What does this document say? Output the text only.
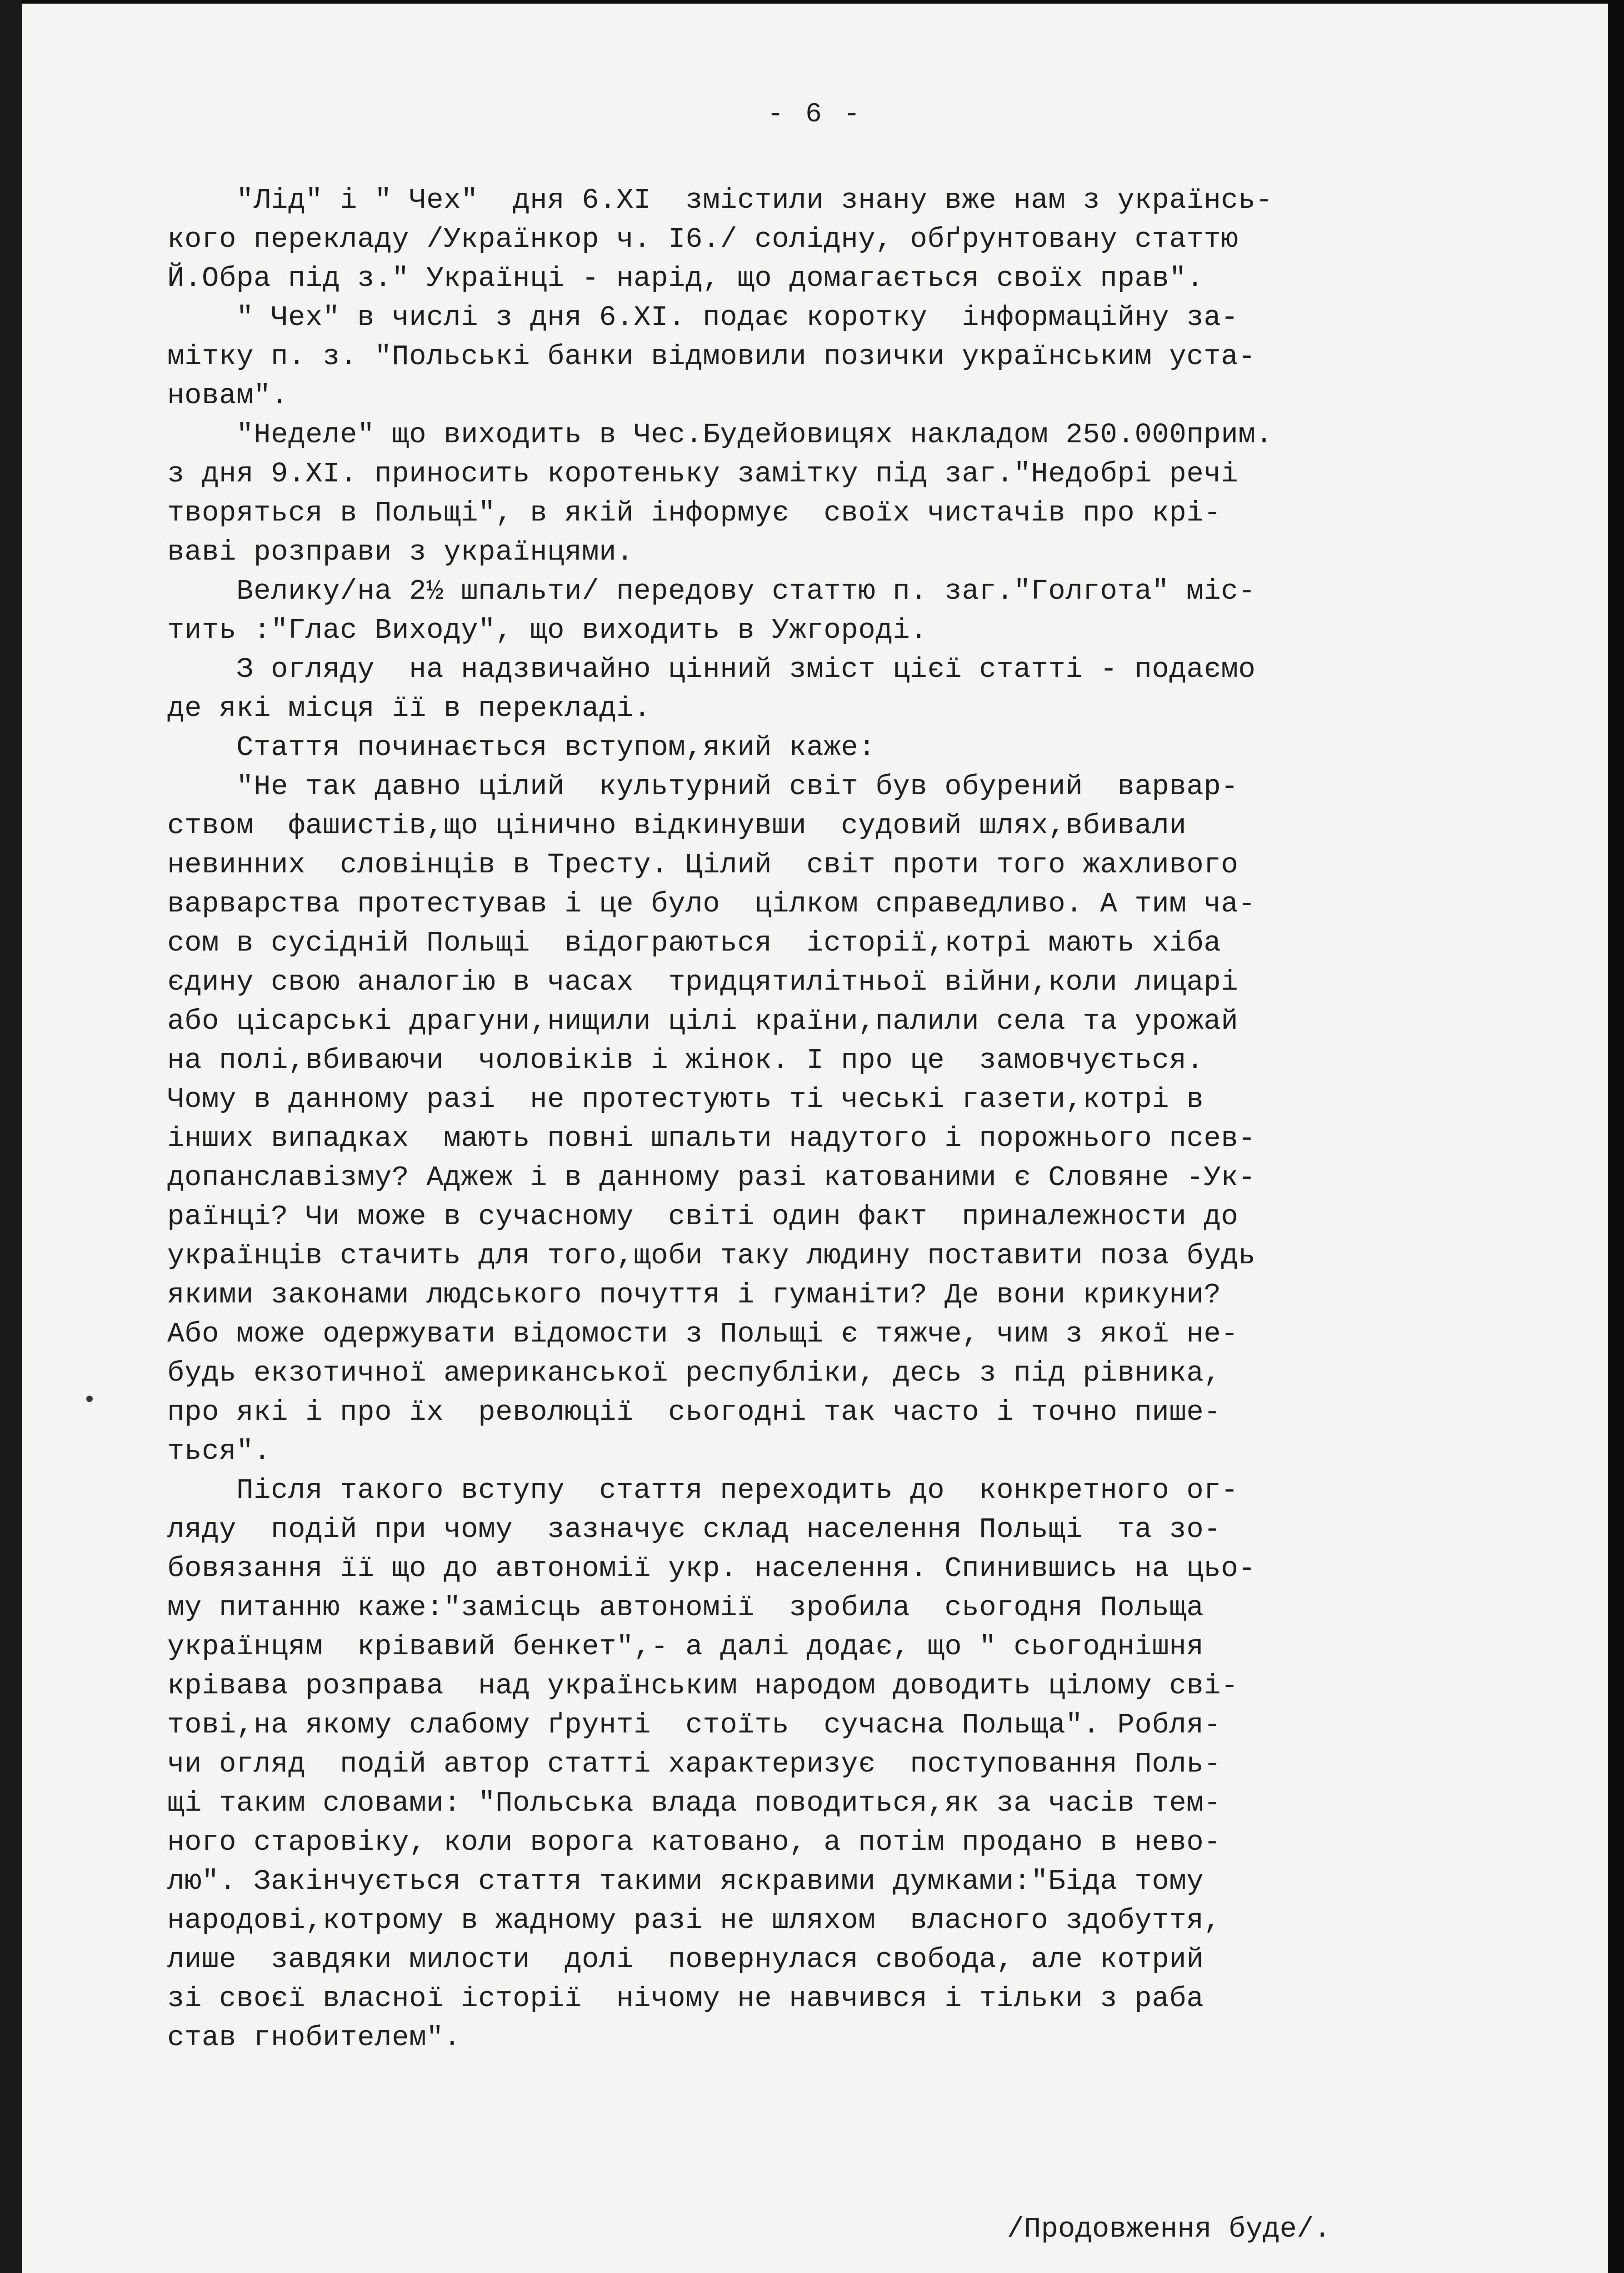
- 6 -
"Лід" і " Чех"  дня 6.ХІ  змістили знану вже нам з українсь-
кого перекладу /Українкор ч. І6./ солідну, обґрунтовану статтю
Й.Обра під з." Українці - нарід, що домагається своїх прав".
" Чех" в числі з дня 6.ХІ. подає коротку  інформаційну за-
мітку п. з. "Польські банки відмовили позички українським уста-
новам".
"Неделе" що виходить в Чес.Будейовицях накладом 250.000прим.
з дня 9.ХІ. приносить коротеньку замітку під заг."Недобрі речі
творяться в Польщі", в якій інформує  своїх чистачів про крі-
ваві розправи з українцями.
Велику/на 2½ шпальти/ передову статтю п. заг."Голгота" міс-
тить :"Глас Виходу", що виходить в Ужгороді.
З огляду  на надзвичайно цінний зміст цієї статті - подаємо
де які місця її в перекладі.
Стаття починається вступом,який каже:
"Не так давно цілий  культурний світ був обурений  варвар-
ством  фашистів,що цінично відкинувши  судовий шлях,вбивали
невинних  словінців в Тресту. Цілий  світ проти того жахливого
варварства протестував і це було  цілком справедливо. А тим ча-
сом в сусідній Польщі  відограються  історії,котрі мають хіба
єдину свою аналогію в часах  тридцятилітньої війни,коли лицарі
або цісарські драгуни,нищили цілі країни,палили села та урожай
на полі,вбиваючи  чоловіків і жінок. І про це  замовчується.
Чому в данному разі  не протестують ті чеські газети,котрі в
інших випадках  мають повні шпальти надутого і порожнього псев-
допанславізму? Аджеж і в данному разі катованими є Словяне -Ук-
раїнці? Чи може в сучасному  світі один факт  приналежности до
українців стачить для того,щоби таку людину поставити поза будь
якими законами людського почуття і гуманіти? Де вони крикуни?
Або може одержувати відомости з Польщі є тяжче, чим з якої не-
будь екзотичної американської республіки, десь з під рівника,
про які і про їх  революції  сьогодні так часто і точно пише-
ться".
Після такого вступу  стаття переходить до  конкретного ог-
ляду  подій при чому  зазначує склад населення Польщі  та зо-
бовязання її що до автономії укр. населення. Спинившись на цьо-
му питанню каже:"замісць автономії  зробила  сьогодня Польща
українцям  крівавий бенкет",- а далі додає, що " сьогоднішня
крівава розправа  над українським народом доводить цілому сві-
тові,на якому слабому ґрунті  стоїть  сучасна Польща". Робля-
чи огляд  подій автор статті характеризує  поступовання Поль-
щі таким словами: "Польська влада поводиться,як за часів тем-
ного старовіку, коли ворога катовано, а потім продано в нево-
лю". Закінчується стаття такими яскравими думками:"Біда тому
народові,котрому в жадному разі не шляхом  власного здобуття,
лише  завдяки милости  долі  повернулася свобода, але котрий
зі своєї власної історії  нічому не навчився і тільки з раба
став гнобителем".
/Продовження буде/.
